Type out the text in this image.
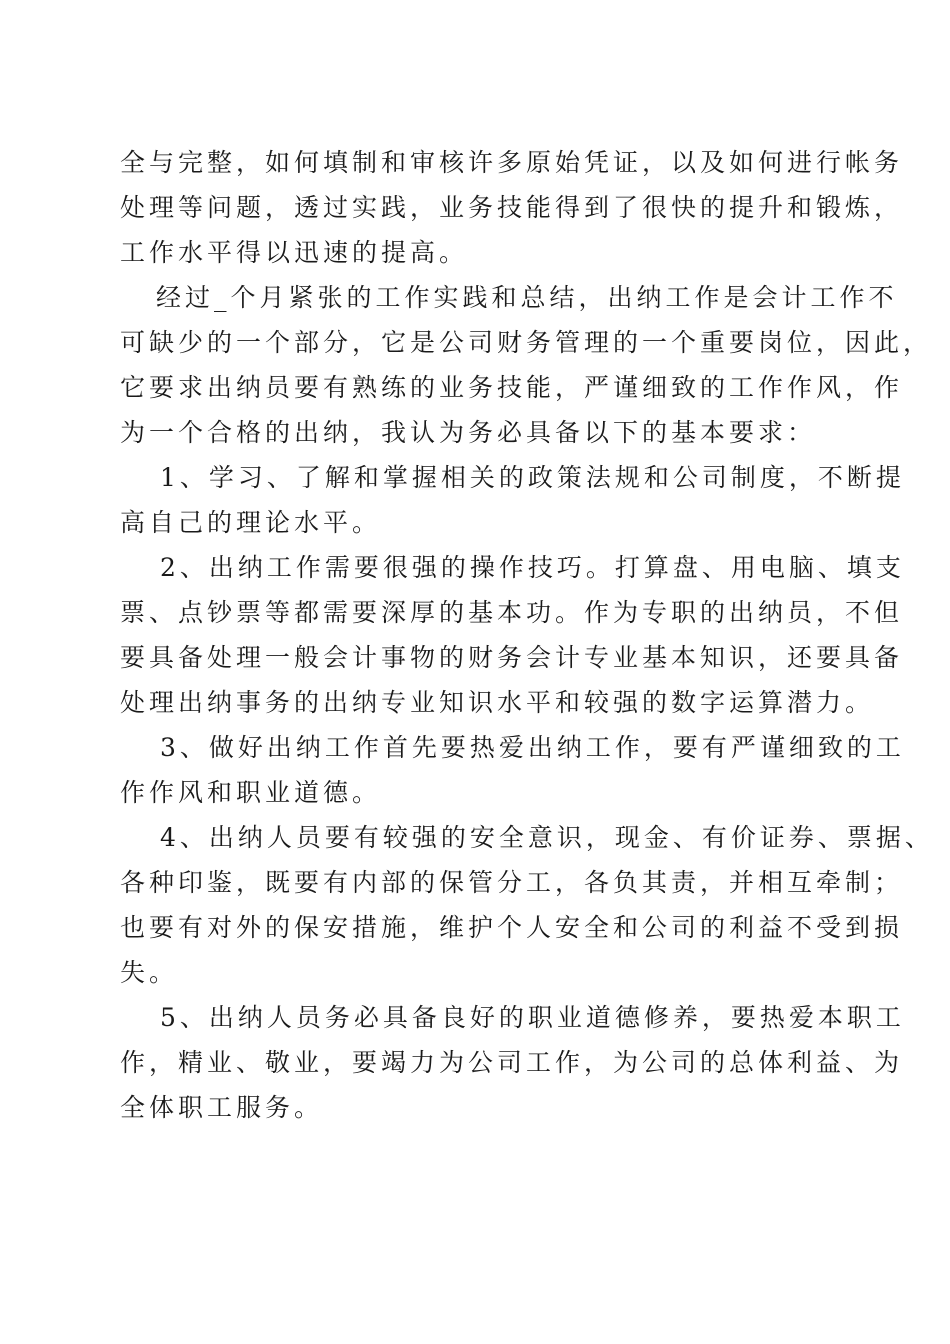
全与完整，如何填制和审核许多原始凭证，以及如何进行帐务
处理等问题，透过实践，业务技能得到了很快的提升和锻炼，
工作水平得以迅速的提高。
经过_个月紧张的工作实践和总结，出纳工作是会计工作不
可缺少的一个部分，它是公司财务管理的一个重要岗位，因此，
它要求出纳员要有熟练的业务技能，严谨细致的工作作风，作
为一个合格的出纳，我认为务必具备以下的基本要求：
1、学习、了解和掌握相关的政策法规和公司制度，不断提
高自己的理论水平。
2、出纳工作需要很强的操作技巧。打算盘、用电脑、填支
票、点钞票等都需要深厚的基本功。作为专职的出纳员，不但
要具备处理一般会计事物的财务会计专业基本知识，还要具备
处理出纳事务的出纳专业知识水平和较强的数字运算潜力。
3、做好出纳工作首先要热爱出纳工作，要有严谨细致的工
作作风和职业道德。
4、出纳人员要有较强的安全意识，现金、有价证券、票据、
各种印鉴，既要有内部的保管分工，各负其责，并相互牵制；
也要有对外的保安措施，维护个人安全和公司的利益不受到损
失。
5、出纳人员务必具备良好的职业道德修养，要热爱本职工
作，精业、敬业，要竭力为公司工作，为公司的总体利益、为
全体职工服务。
